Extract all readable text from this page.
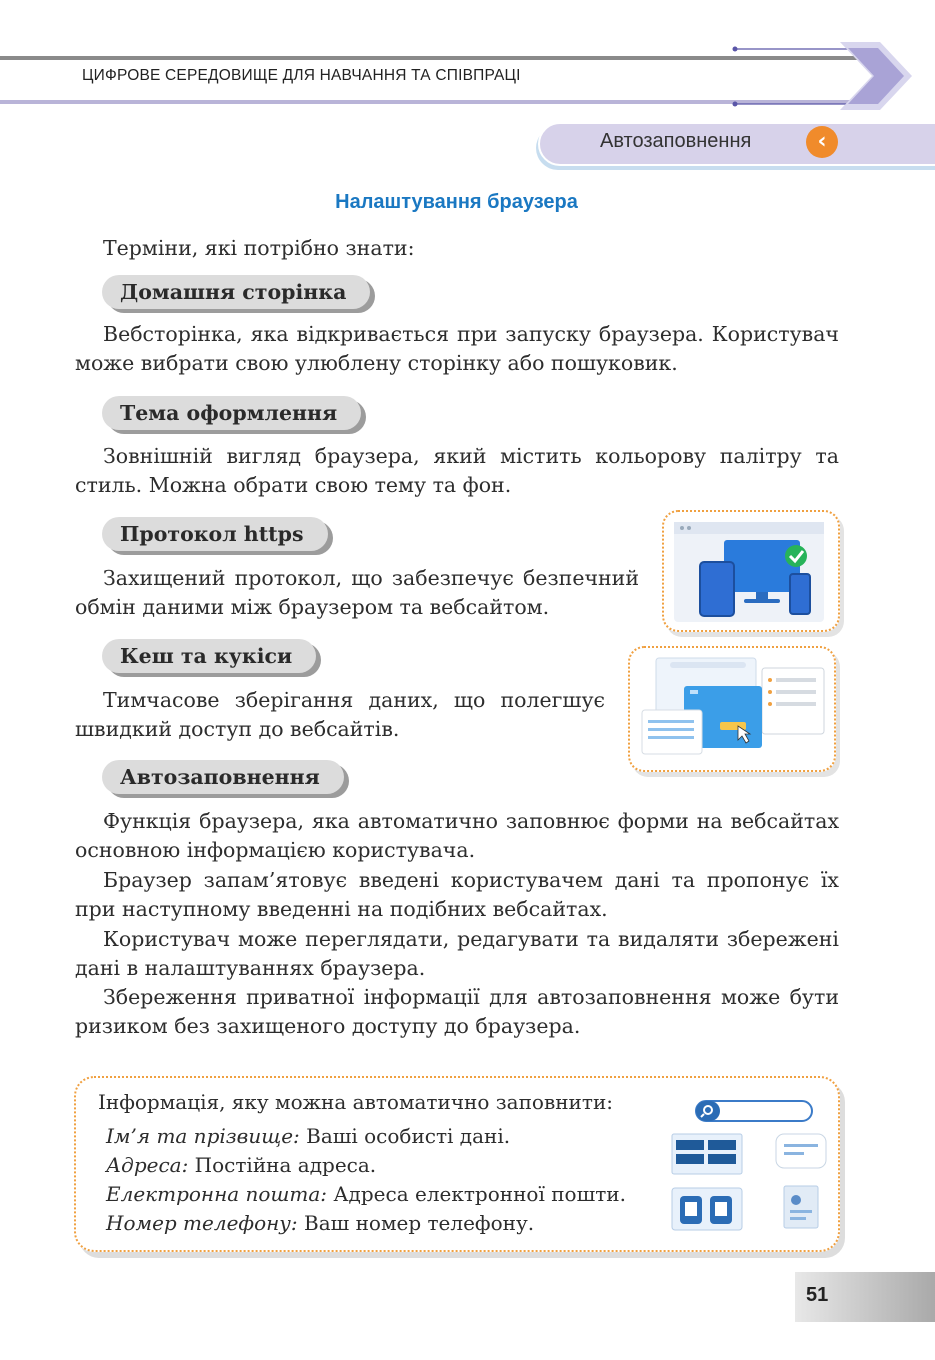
ЦИФРОВЕ СЕРЕДОВИЩЕ ДЛЯ НАВЧАННЯ ТА СПІВПРАЦІ
Автозаповнення	‹
Налаштування браузера
Терміни, які потрібно знати:
Домашня сторінка
Вебсторінка, яка відкривається при запуску браузера. Користувач може вибрати свою улюблену сторінку або пошуковик.
Тема оформлення
Зовнішній вигляд браузера, який містить кольорову палітру та стиль. Можна обрати свою тему та фон.
Протокол https
Захищений протокол, що забезпечує безпечний обмін даними між браузером та вебсайтом.
Кеш та кукіси
Тимчасове зберігання даних, що полегшує швидкий доступ до вебсайтів.
Автозаповнення
Функція браузера, яка автоматично заповнює форми на вебсайтах основною інформацією користувача.
Браузер запам’ятовує введені користувачем дані та пропонує їх при наступному введенні на подібних вебсайтах.
Користувач може переглядати, редагувати та видаляти збережені дані в налаштуваннях браузера.
Збереження приватної інформації для автозаповнення може бути ризиком без захищеного доступу до браузера.
Інформація, яку можна автоматично заповнити:
Ім’я та прізвище: Ваші особисті дані.
Адреса: Постійна адреса.
Електронна пошта: Адреса електронної пошти.
Номер телефону: Ваш номер телефону.
51
